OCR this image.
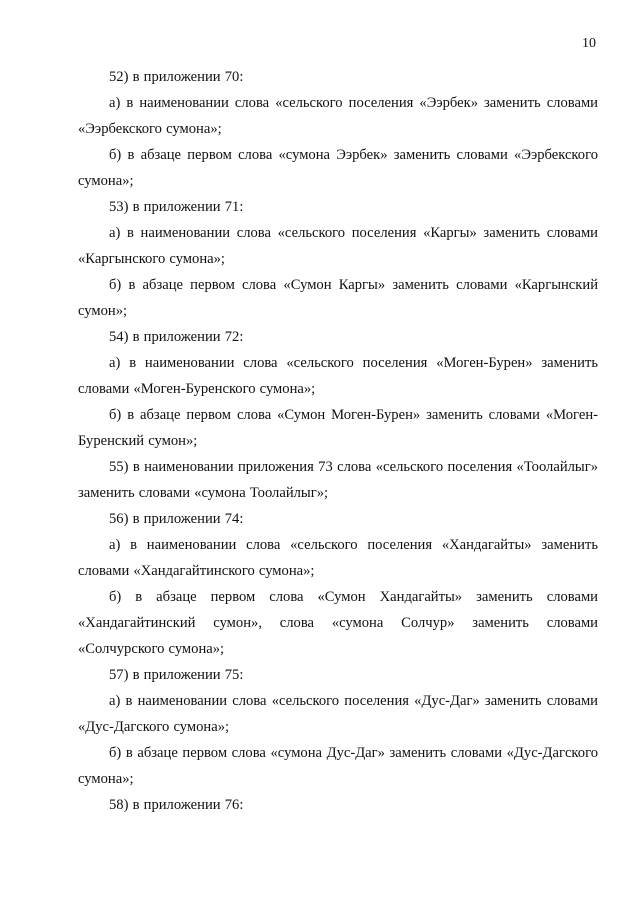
10

52) в приложении 70:

а) в наименовании слова «сельского поселения «Ээрбек» заменить словами «Ээрбекского сумона»;

б) в абзаце первом слова «сумона Ээрбек» заменить словами «Ээрбекского сумона»;

53) в приложении 71:

а) в наименовании слова «сельского поселения «Каргы» заменить словами «Каргынского сумона»;

б) в абзаце первом слова «Сумон Каргы» заменить словами «Каргынский сумон»;

54) в приложении 72:

а) в наименовании слова «сельского поселения «Моген-Бурен» заменить словами «Моген-Буренского сумона»;

б) в абзаце первом слова «Сумон Моген-Бурен» заменить словами «Моген-Буренский сумон»;

55) в наименовании приложения 73 слова «сельского поселения «Тоолайлыг» заменить словами «сумона Тоолайлыг»;

56) в приложении 74:

а) в наименовании слова «сельского поселения «Хандагайты» заменить словами «Хандагайтинского сумона»;

б) в абзаце первом слова «Сумон Хандагайты» заменить словами «Хандагайтинский сумон», слова «сумона Солчур» заменить словами «Солчурского сумона»;

57) в приложении 75:

а) в наименовании слова «сельского поселения «Дус-Даг» заменить словами «Дус-Дагского сумона»;

б) в абзаце первом слова «сумона Дус-Даг» заменить словами «Дус-Дагского сумона»;

58) в приложении 76:
